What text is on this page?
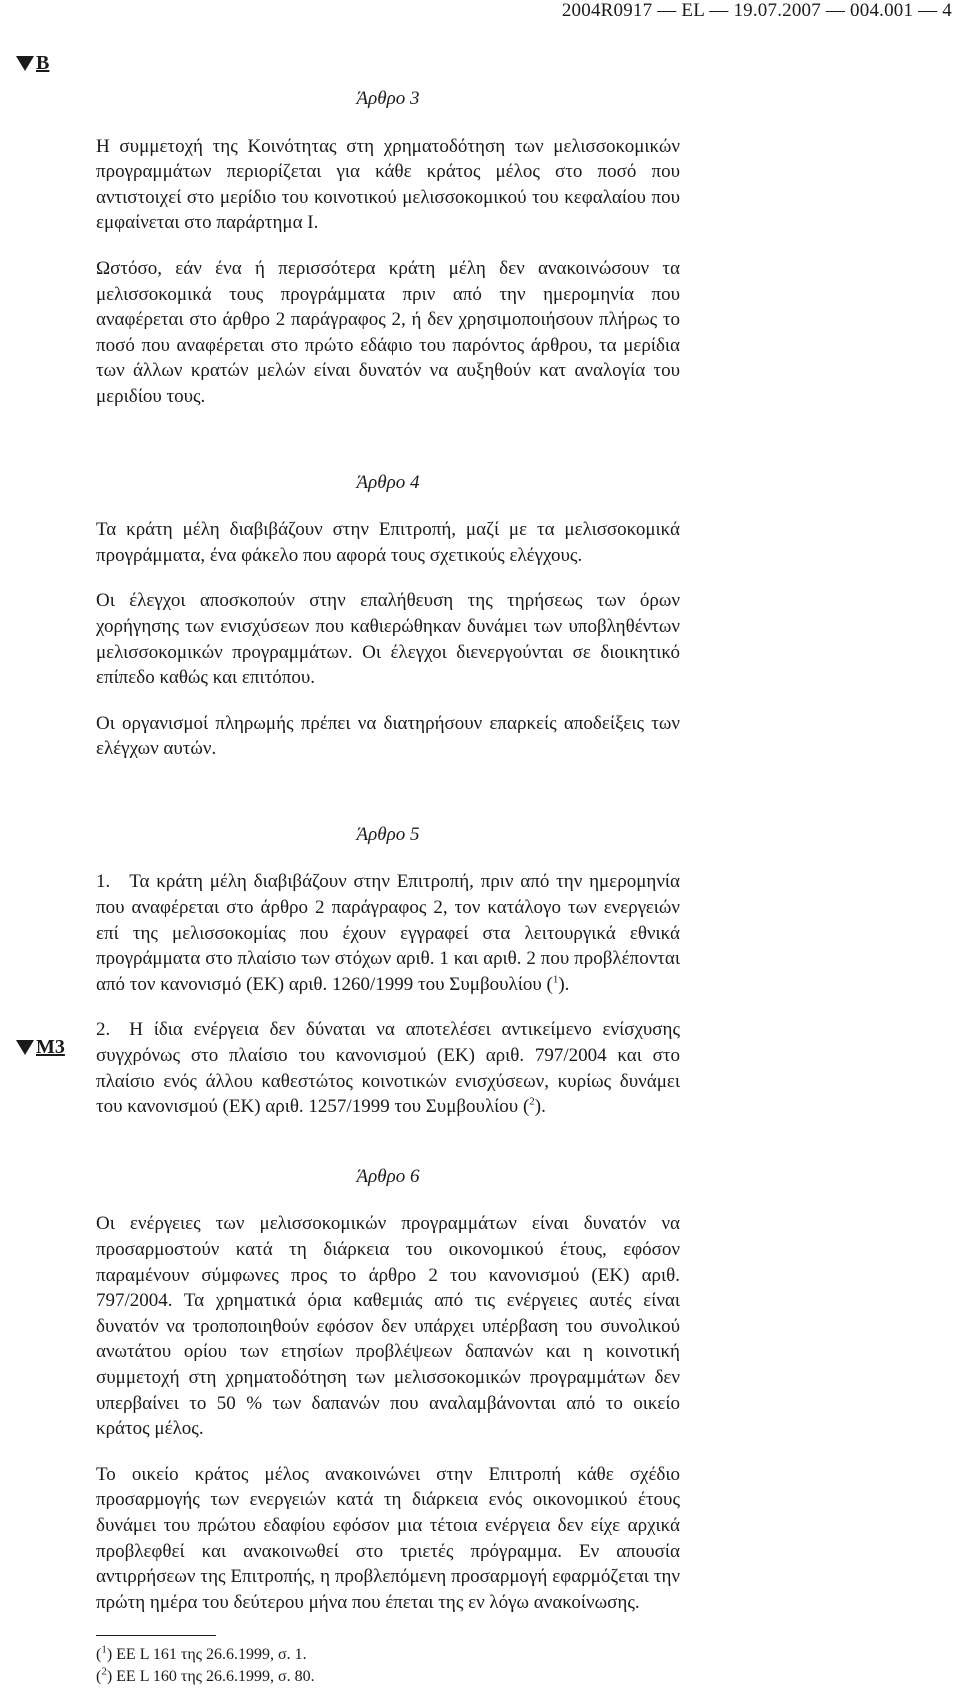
2004R0917 — EL — 19.07.2007 — 004.001 — 4
B
M3
Άρθρο 3

Η συμμετοχή της Κοινότητας στη χρηματοδότηση των μελισσοκομικών προγραμμάτων περιορίζεται για κάθε κράτος μέλος στο ποσό που αντιστοιχεί στο μερίδιο του κοινοτικού μελισσοκομικού του κεφαλαίου που εμφαίνεται στο παράρτημα Ι.

Ωστόσο, εάν ένα ή περισσότερα κράτη μέλη δεν ανακοινώσουν τα μελισσοκομικά τους προγράμματα πριν από την ημερομηνία που αναφέρεται στο άρθρο 2 παράγραφος 2, ή δεν χρησιμοποιήσουν πλήρως το ποσό που αναφέρεται στο πρώτο εδάφιο του παρόντος άρθρου, τα μερίδια των άλλων κρατών μελών είναι δυνατόν να αυξηθούν κατ αναλογία του μεριδίου τους.

Άρθρο 4

Τα κράτη μέλη διαβιβάζουν στην Επιτροπή, μαζί με τα μελισσοκομικά προγράμματα, ένα φάκελο που αφορά τους σχετικούς ελέγχους.

Οι έλεγχοι αποσκοπούν στην επαλήθευση της τηρήσεως των όρων χορήγησης των ενισχύσεων που καθιερώθηκαν δυνάμει των υποβληθέντων μελισσοκομικών προγραμμάτων. Οι έλεγχοι διενεργούνται σε διοικητικό επίπεδο καθώς και επιτόπου.

Οι οργανισμοί πληρωμής πρέπει να διατηρήσουν επαρκείς αποδείξεις των ελέγχων αυτών.

Άρθρο 5

1. Τα κράτη μέλη διαβιβάζουν στην Επιτροπή, πριν από την ημερομηνία που αναφέρεται στο άρθρο 2 παράγραφος 2, τον κατάλογο των ενεργειών επί της μελισσοκομίας που έχουν εγγραφεί στα λειτουργικά εθνικά προγράμματα στο πλαίσιο των στόχων αριθ. 1 και αριθ. 2 που προβλέπονται από τον κανονισμό (ΕΚ) αριθ. 1260/1999 του Συμβουλίου ($^1$).

2. Η ίδια ενέργεια δεν δύναται να αποτελέσει αντικείμενο ενίσχυσης συγχρόνως στο πλαίσιο του κανονισμού (ΕΚ) αριθ. 797/2004 και στο πλαίσιο ενός άλλου καθεστώτος κοινοτικών ενισχύσεων, κυρίως δυνάμει του κανονισμού (ΕΚ) αριθ. 1257/1999 του Συμβουλίου ($^2$).

Άρθρο 6

Οι ενέργειες των μελισσοκομικών προγραμμάτων είναι δυνατόν να προσαρμοστούν κατά τη διάρκεια του οικονομικού έτους, εφόσον παραμένουν σύμφωνες προς το άρθρο 2 του κανονισμού (ΕΚ) αριθ. 797/2004. Τα χρηματικά όρια καθεμιάς από τις ενέργειες αυτές είναι δυνατόν να τροποποιηθούν εφόσον δεν υπάρχει υπέρβαση του συνολικού ανωτάτου ορίου των ετησίων προβλέψεων δαπανών και η κοινοτική συμμετοχή στη χρηματοδότηση των μελισσοκομικών προγραμμάτων δεν υπερβαίνει το 50 % των δαπανών που αναλαμβάνονται από το οικείο κράτος μέλος.

Το οικείο κράτος μέλος ανακοινώνει στην Επιτροπή κάθε σχέδιο προσαρμογής των ενεργειών κατά τη διάρκεια ενός οικονομικού έτους δυνάμει του πρώτου εδαφίου εφόσον μια τέτοια ενέργεια δεν είχε αρχικά προβλεφθεί και ανακοινωθεί στο τριετές πρόγραμμα. Εν απουσία αντιρρήσεων της Επιτροπής, η προβλεπόμενη προσαρμογή εφαρμόζεται την πρώτη ημέρα του δεύτερου μήνα που έπεται της εν λόγω ανακοίνωσης.

($^1$) ΕΕ L 161 της 26.6.1999, σ. 1.
($^2$) ΕΕ L 160 της 26.6.1999, σ. 80.
